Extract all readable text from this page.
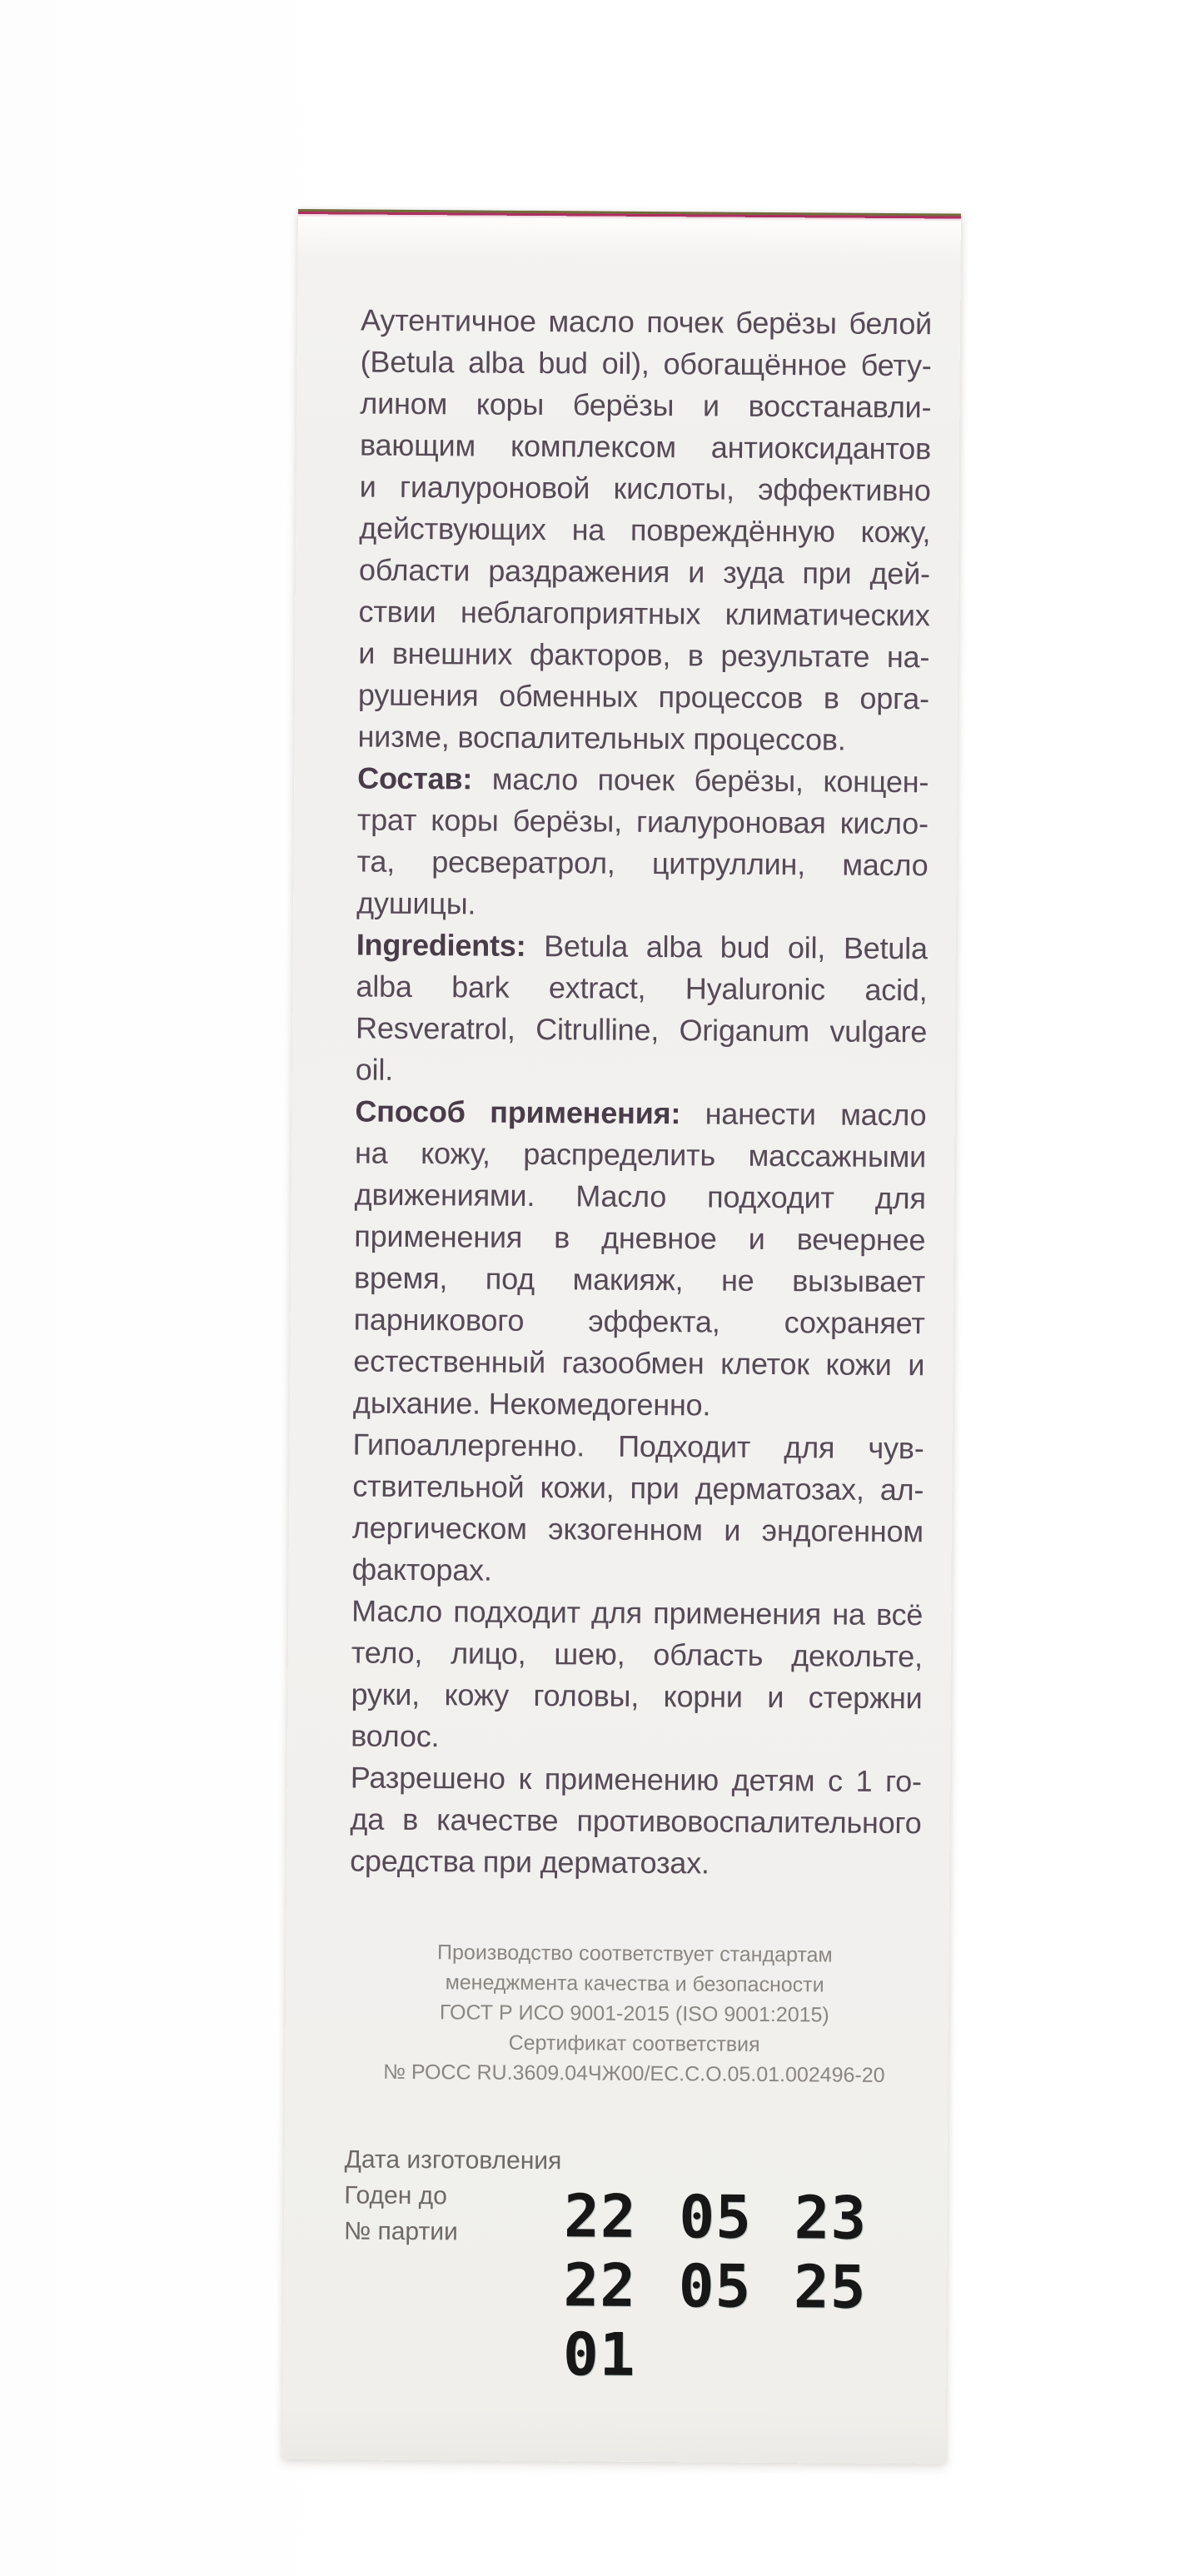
Аутентичное масло почек берёзы белой
(Betula alba bud oil), обогащённое бету-
лином коры берёзы и восстанавли-
вающим комплексом антиоксидантов
и гиалуроновой кислоты, эффективно
действующих на повреждённую кожу,
области раздражения и зуда при дей-
ствии неблагоприятных климатических
и внешних факторов, в результате на-
рушения обменных процессов в орга-
низме, воспалительных процессов.
Состав: масло почек берёзы, концен-
трат коры берёзы, гиалуроновая кисло-
та, ресвератрол, цитруллин, масло
душицы.
Ingredients: Betula alba bud oil, Betula
alba bark extract, Hyaluronic acid,
Resveratrol, Citrulline, Origanum vulgare
oil.
Способ применения: нанести масло
на кожу, распределить массажными
движениями. Масло подходит для
применения в дневное и вечернее
время, под макияж, не вызывает
парникового эффекта, сохраняет
естественный газообмен клеток кожи и
дыхание. Некомедогенно.
Гипоаллергенно. Подходит для чув-
ствительной кожи, при дерматозах, ал-
лергическом экзогенном и эндогенном
факторах.
Масло подходит для применения на всё
тело, лицо, шею, область декольте,
руки, кожу головы, корни и стержни
волос.
Разрешено к применению детям с 1 го-
да в качестве противовоспалительного
средства при дерматозах.
Производство соответствует стандартам
менеджмента качества и безопасности
ГОСТ Р ИСО 9001-2015 (ISO 9001:2015)
Сертификат соответствия
№ РОСС RU.3609.04ЧЖ00/ЕС.С.О.05.01.002496-20
Дата изготовления
Годен до
№ партии	22 05 23
22 05 25
01
